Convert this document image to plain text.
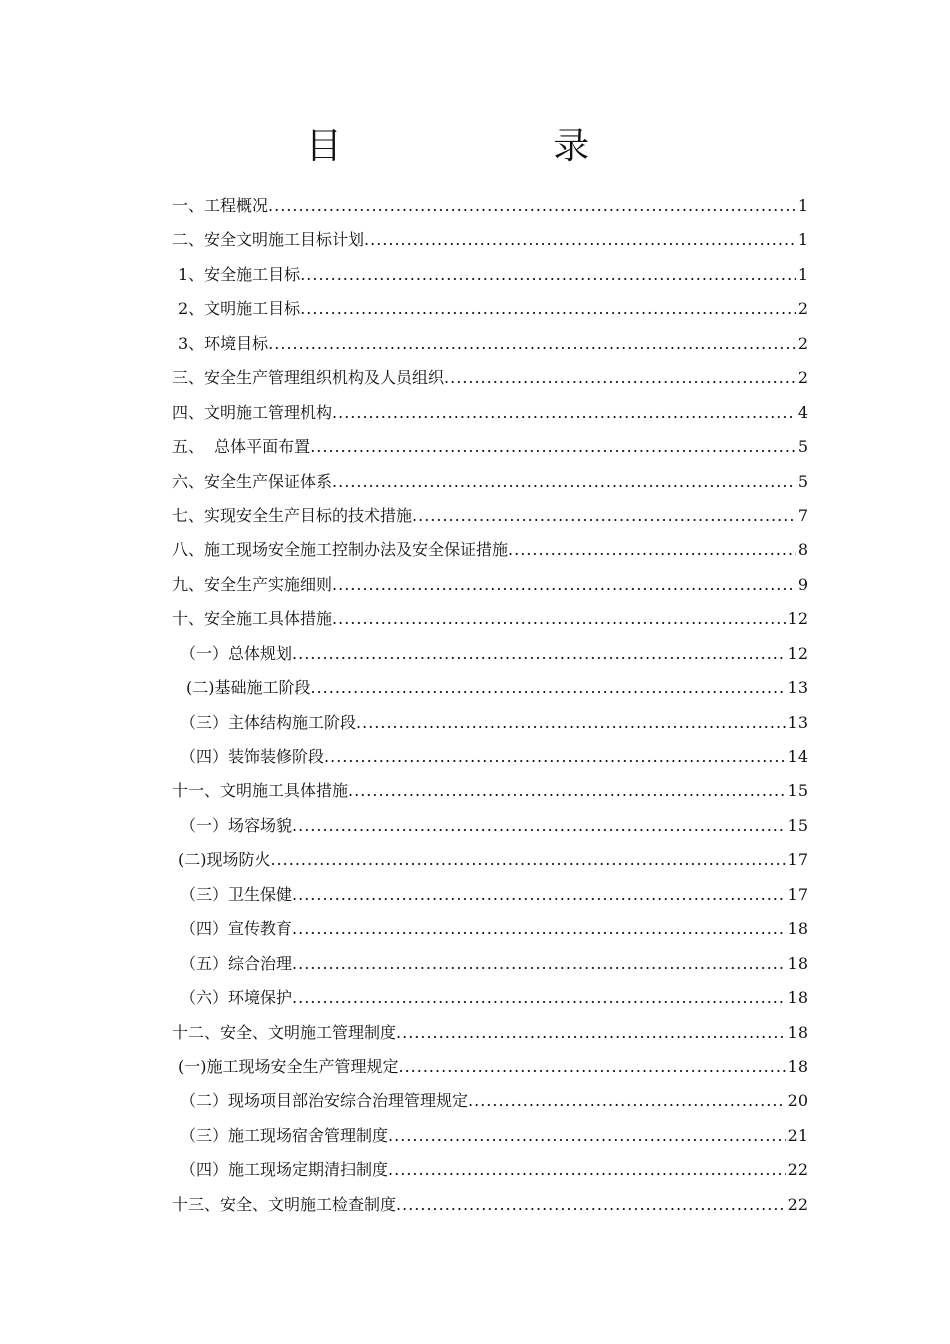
目 录
一、工程概况 .....	1
二、安全文明施工目标计划 .....	1
1、安全施工目标 .....	1
2、文明施工目标 .....	2
3、环境目标 .....	2
三、安全生产管理组织机构及人员组织 .....	2
四、文明施工管理机构 .....	4
五、  总体平面布置 .....	5
六、安全生产保证体系 .....	5
七、实现安全生产目标的技术措施 .....	7
八、施工现场安全施工控制办法及安全保证措施 .....	8
九、安全生产实施细则 .....	9
十、安全施工具体措施 .....	12
（一）总体规划 .....	12
(二)基础施工阶段 .....	13
（三）主体结构施工阶段 .....	13
（四）装饰装修阶段 .....	14
十一、文明施工具体措施 .....	15
（一）场容场貌 .....	15
(二)现场防火 .....	17
（三）卫生保健 .....	17
（四）宣传教育 .....	18
（五）综合治理 .....	18
（六）环境保护 .....	18
十二、安全、文明施工管理制度 .....	18
(一)施工现场安全生产管理规定 .....	18
（二）现场项目部治安综合治理管理规定 .....	20
（三）施工现场宿舍管理制度 .....	21
（四）施工现场定期清扫制度 .....	22
十三、安全、文明施工检查制度 .....	22
